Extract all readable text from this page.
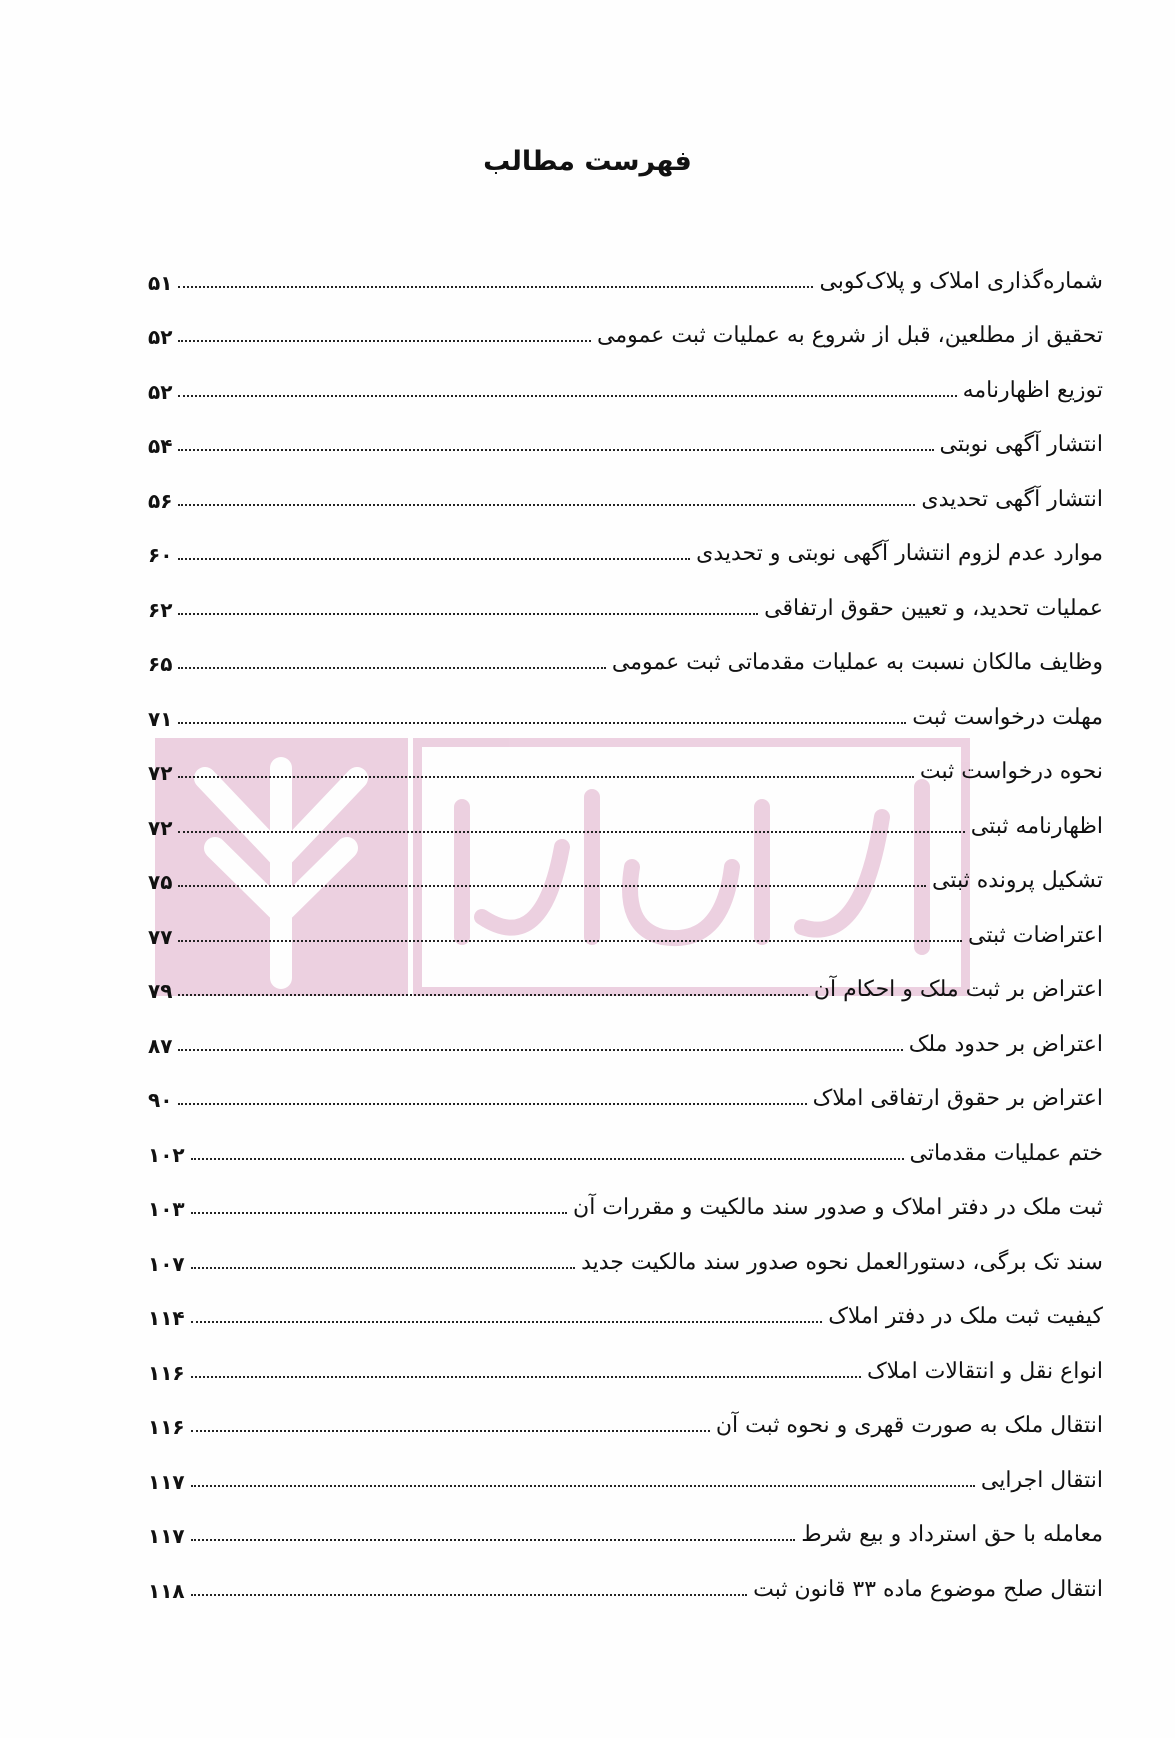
فهرست مطالب
شماره‌گذاری املاک و پلاک‌کوبی
۵۱
تحقیق از مطلعین، قبل از شروع به عملیات ثبت عمومی
۵۲
توزیع اظهارنامه
۵۲
انتشار آگهی نوبتی
۵۴
انتشار آگهی تحدیدی
۵۶
موارد عدم لزوم انتشار آگهی نوبتی و تحدیدی
۶۰
عملیات تحدید، و تعیین حقوق ارتفاقی
۶۲
وظایف مالکان نسبت به عملیات مقدماتی ثبت عمومی
۶۵
مهلت درخواست ثبت
۷۱
نحوه درخواست ثبت
۷۲
اظهارنامه ثبتی
۷۲
تشکیل پرونده ثبتی
۷۵
اعتراضات ثبتی
۷۷
اعتراض بر ثبت ملک و احکام آن
۷۹
اعتراض بر حدود ملک
۸۷
اعتراض بر حقوق ارتفاقی املاک
۹۰
ختم عملیات مقدماتی
۱۰۲
ثبت ملک در دفتر املاک و صدور سند مالکیت و مقررات آن
۱۰۳
سند تک برگی، دستورالعمل نحوه صدور سند مالکیت جدید
۱۰۷
کیفیت ثبت ملک در دفتر املاک
۱۱۴
انواع نقل و انتقالات املاک
۱۱۶
انتقال ملک به صورت قهری و نحوه ثبت آن
۱۱۶
انتقال اجرایی
۱۱۷
معامله با حق استرداد و بیع شرط
۱۱۷
انتقال صلح موضوع ماده ۳۳ قانون ثبت
۱۱۸
